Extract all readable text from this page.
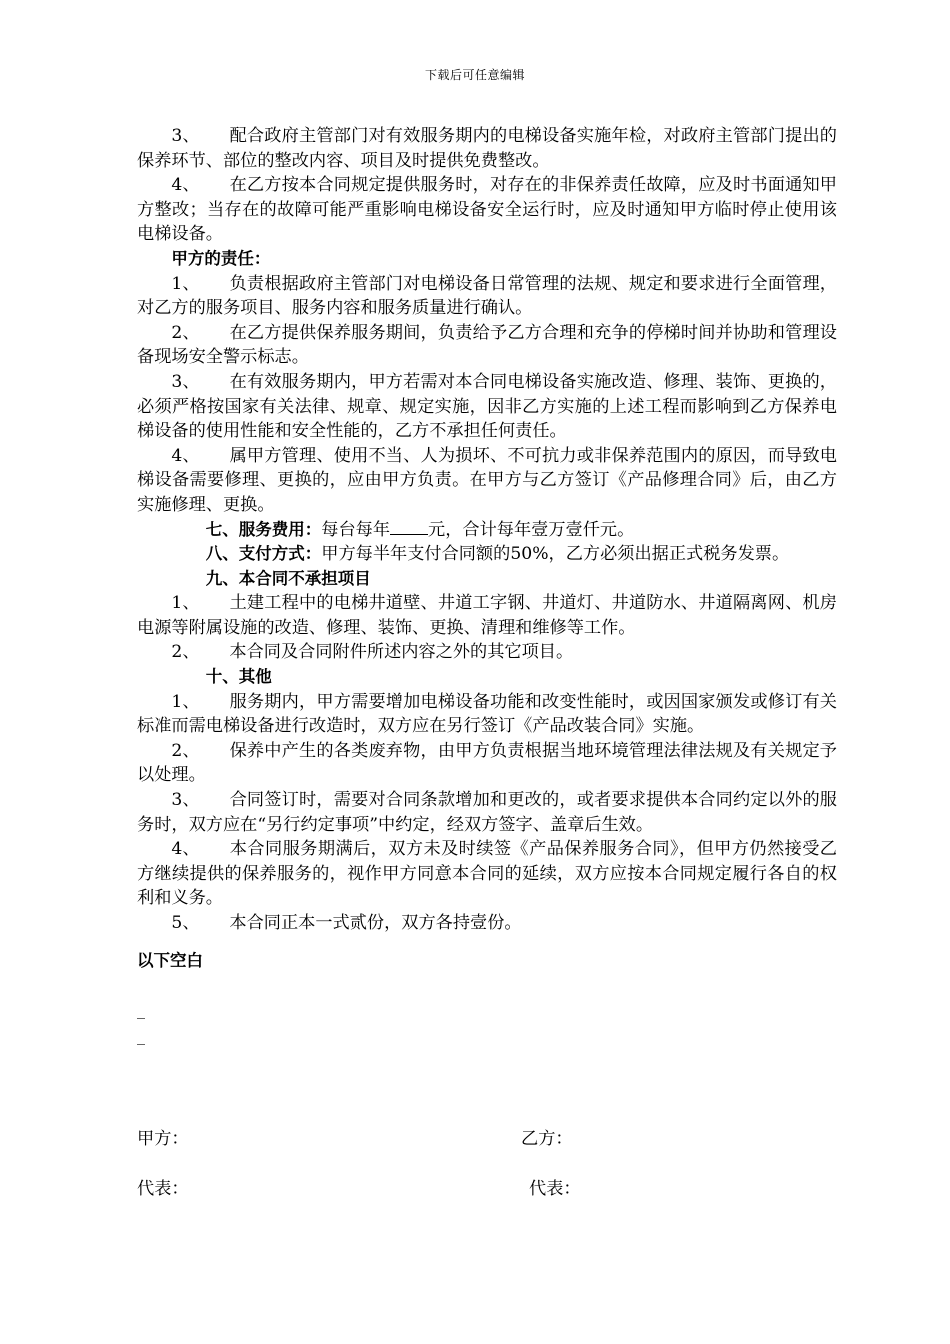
下载后可任意编辑

3、 配合政府主管部门对有效服务期内的电梯设备实施年检，对政府主管部门提出的保养环节、部位的整改内容、项目及时提供免费整改。

4、 在乙方按本合同规定提供服务时，对存在的非保养责任故障，应及时书面通知甲方整改；当存在的故障可能严重影响电梯设备安全运行时，应及时通知甲方临时停止使用该电梯设备。

甲方的责任：

1、 负责根据政府主管部门对电梯设备日常管理的法规、规定和要求进行全面管理，对乙方的服务项目、服务内容和服务质量进行确认。

2、 在乙方提供保养服务期间，负责给予乙方合理和充争的停梯时间并协助和管理设备现场安全警示标志。

3、 在有效服务期内，甲方若需对本合同电梯设备实施改造、修理、装饰、更换的，必须严格按国家有关法律、规章、规定实施，因非乙方实施的上述工程而影响到乙方保养电梯设备的使用性能和安全性能的，乙方不承担任何责任。

4、 属甲方管理、使用不当、人为损坏、不可抗力或非保养范围内的原因，而导致电梯设备需要修理、更换的，应由甲方负责。在甲方与乙方签订《产品修理合同》后，由乙方实施修理、更换。

七、服务费用：每台每年 元，合计每年壹万壹仟元。

八、支付方式：甲方每半年支付合同额的50%，乙方必须出据正式税务发票。

九、本合同不承担项目

1、 土建工程中的电梯井道壁、井道工字钢、井道灯、井道防水、井道隔离网、机房电源等附属设施的改造、修理、装饰、更换、清理和维修等工作。

2、 本合同及合同附件所述内容之外的其它项目。

十、其他

1、 服务期内，甲方需要增加电梯设备功能和改变性能时，或因国家颁发或修订有关标准而需电梯设备进行改造时，双方应在另行签订《产品改装合同》实施。

2、 保养中产生的各类废弃物，由甲方负责根据当地环境管理法律法规及有关规定予以处理。

3、 合同签订时，需要对合同条款增加和更改的，或者要求提供本合同约定以外的服务时，双方应在“另行约定事项”中约定，经双方签字、盖章后生效。

4、 本合同服务期满后，双方未及时续签《产品保养服务合同》，但甲方仍然接受乙方继续提供的保养服务的，视作甲方同意本合同的延续，双方应按本合同规定履行各自的权利和义务。

5、 本合同正本一式贰份，双方各持壹份。

以下空白
_
_
甲方：	乙方：
代表：	代表：
